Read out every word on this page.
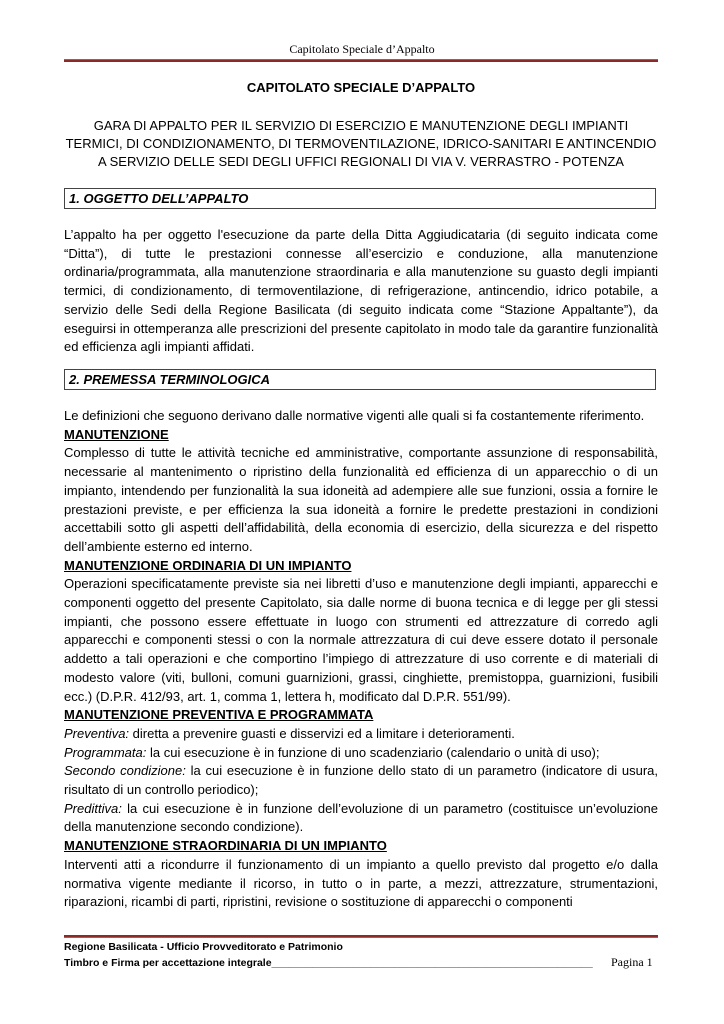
Capitolato Speciale d’Appalto
CAPITOLATO SPECIALE D’APPALTO
GARA DI APPALTO PER IL SERVIZIO DI ESERCIZIO E MANUTENZIONE DEGLI IMPIANTI TERMICI, DI CONDIZIONAMENTO, DI TERMOVENTILAZIONE, IDRICO-SANITARI E ANTINCENDIO A SERVIZIO DELLE SEDI DEGLI UFFICI REGIONALI DI VIA V. VERRASTRO - POTENZA
1. OGGETTO DELL’APPALTO
L’appalto ha per oggetto l'esecuzione da parte della Ditta Aggiudicataria (di seguito indicata come “Ditta”), di tutte le prestazioni connesse all’esercizio e conduzione, alla manutenzione ordinaria/programmata, alla manutenzione straordinaria e alla manutenzione su guasto degli impianti termici, di condizionamento, di termoventilazione, di refrigerazione, antincendio, idrico potabile, a servizio delle Sedi della Regione Basilicata (di seguito indicata come “Stazione Appaltante”), da eseguirsi in ottemperanza alle prescrizioni del presente capitolato in modo tale da garantire funzionalità ed efficienza agli impianti affidati.
2. PREMESSA TERMINOLOGICA
Le definizioni che seguono derivano dalle normative vigenti alle quali si fa costantemente riferimento.
MANUTENZIONE
Complesso di tutte le attività tecniche ed amministrative, comportante assunzione di responsabilità, necessarie al mantenimento o ripristino della funzionalità ed efficienza di un apparecchio o di un impianto, intendendo per funzionalità la sua idoneità ad adempiere alle sue funzioni, ossia a fornire le prestazioni previste, e per efficienza la sua idoneità a fornire le predette prestazioni in condizioni accettabili sotto gli aspetti dell’affidabilità, della economia di esercizio, della sicurezza e del rispetto dell’ambiente esterno ed interno.
MANUTENZIONE ORDINARIA DI UN IMPIANTO
Operazioni specificatamente previste sia nei libretti d’uso e manutenzione degli impianti, apparecchi e componenti oggetto del presente Capitolato, sia dalle norme di buona tecnica e di legge per gli stessi impianti, che possono essere effettuate in luogo con strumenti ed attrezzature di corredo agli apparecchi e componenti stessi o con la normale attrezzatura di cui deve essere dotato il personale addetto a tali operazioni e che comportino l’impiego di attrezzature di uso corrente e di materiali di modesto valore (viti, bulloni, comuni guarnizioni, grassi, cinghiette, premistoppa, guarnizioni, fusibili ecc.) (D.P.R. 412/93, art. 1, comma 1, lettera h, modificato dal D.P.R. 551/99).
MANUTENZIONE PREVENTIVA E PROGRAMMATA
Preventiva: diretta a prevenire guasti e disservizi ed a limitare i deterioramenti.
Programmata: la cui esecuzione è in funzione di uno scadenziario (calendario o unità di uso);
Secondo condizione: la cui esecuzione è in funzione dello stato di un parametro (indicatore di usura, risultato di un controllo periodico);
Predittiva: la cui esecuzione è in funzione dell’evoluzione di un parametro (costituisce un’evoluzione della manutenzione secondo condizione).
MANUTENZIONE STRAORDINARIA DI UN IMPIANTO
Interventi atti a ricondurre il funzionamento di un impianto a quello previsto dal progetto e/o dalla normativa vigente mediante il ricorso, in tutto o in parte, a mezzi, attrezzature, strumentazioni, riparazioni, ricambi di parti, ripristini, revisione o sostituzione di apparecchi o componenti
Regione Basilicata - Ufficio Provveditorato e Patrimonio
Timbro e Firma per accettazione integrale_______________________________________________________ Pagina 1
